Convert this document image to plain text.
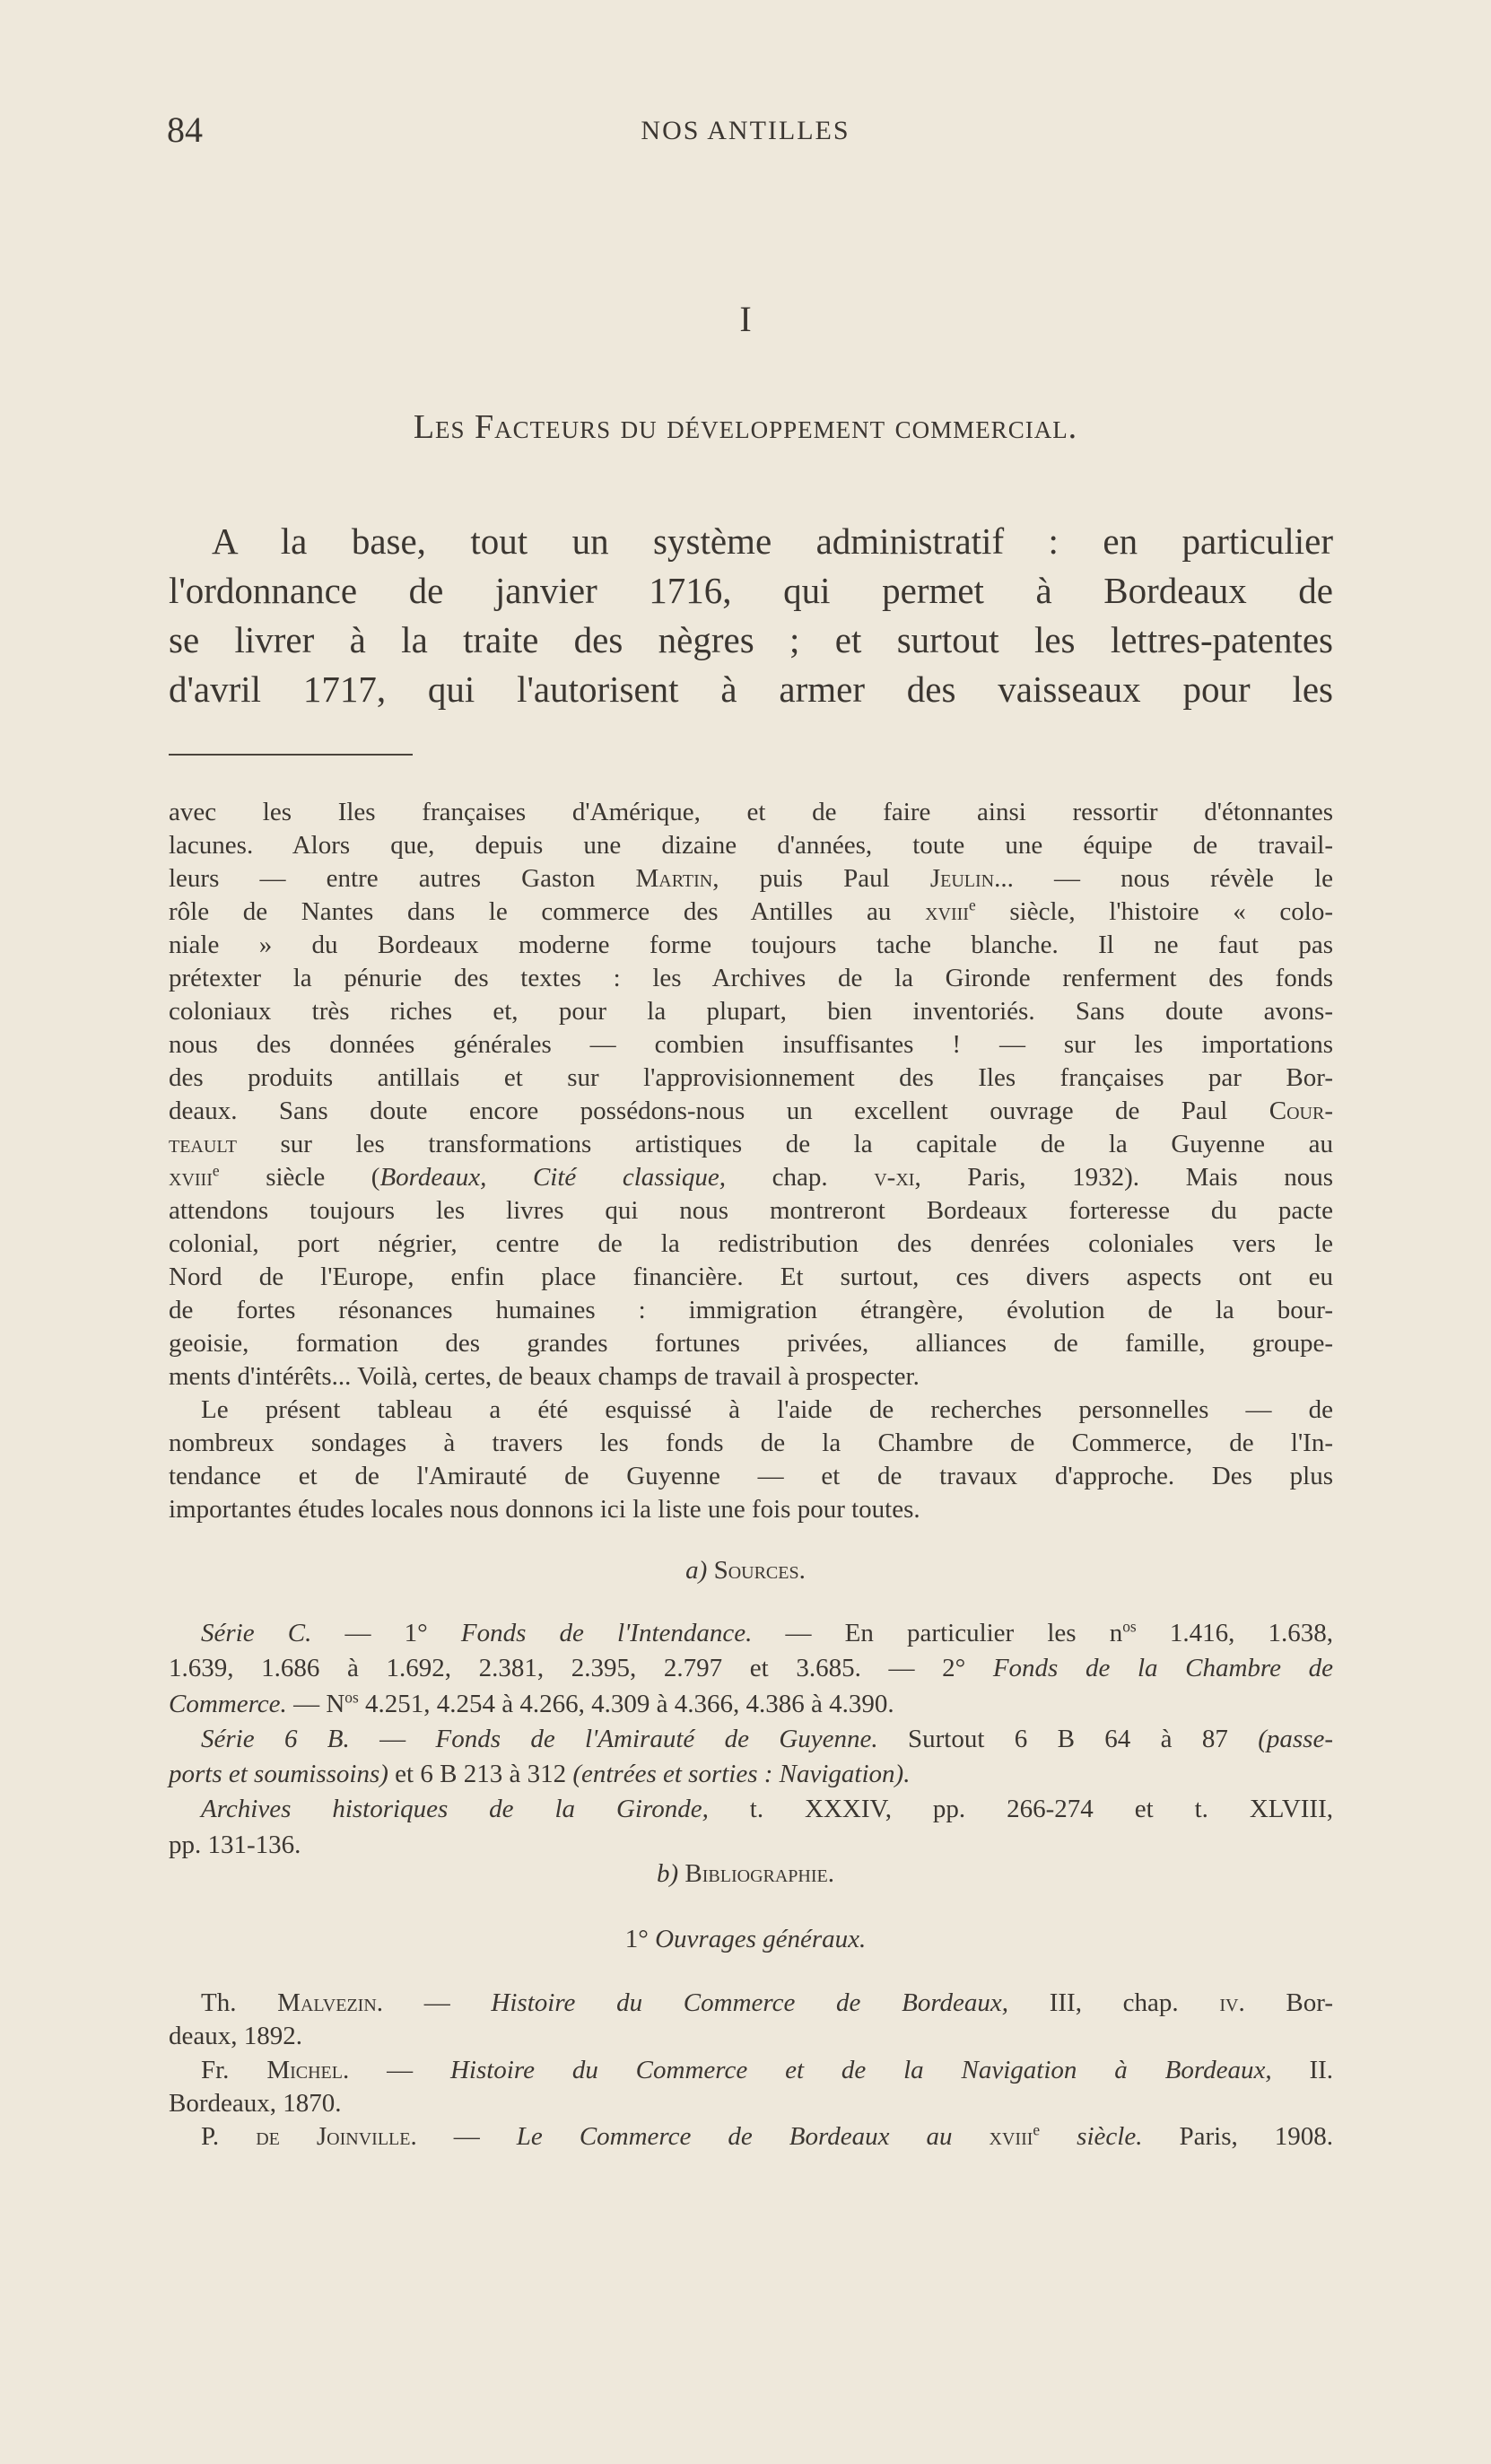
84	NOS ANTILLES
I
Les Facteurs du développement commercial.
A la base, tout un système administratif : en particulier
l'ordonnance de janvier 1716, qui permet à Bordeaux de
se livrer à la traite des nègres ; et surtout les lettres-patentes
d'avril 1717, qui l'autorisent à armer des vaisseaux pour les
avec les Iles françaises d'Amérique, et de faire ainsi ressortir d'étonnantes
lacunes. Alors que, depuis une dizaine d'années, toute une équipe de travail-
leurs — entre autres Gaston Martin, puis Paul Jeulin... — nous révèle le
rôle de Nantes dans le commerce des Antilles au xviii$^e$ siècle, l'histoire « colo-
niale » du Bordeaux moderne forme toujours tache blanche. Il ne faut pas
prétexter la pénurie des textes : les Archives de la Gironde renferment des fonds
coloniaux très riches et, pour la plupart, bien inventoriés. Sans doute avons-
nous des données générales — combien insuffisantes ! — sur les importations
des produits antillais et sur l'approvisionnement des Iles françaises par Bor-
deaux. Sans doute encore possédons-nous un excellent ouvrage de Paul Cour-
teault sur les transformations artistiques de la capitale de la Guyenne au
xviii$^e$ siècle (Bordeaux, Cité classique, chap. v-xi, Paris, 1932). Mais nous
attendons toujours les livres qui nous montreront Bordeaux forteresse du pacte
colonial, port négrier, centre de la redistribution des denrées coloniales vers le
Nord de l'Europe, enfin place financière. Et surtout, ces divers aspects ont eu
de fortes résonances humaines : immigration étrangère, évolution de la bour-
geoisie, formation des grandes fortunes privées, alliances de famille, groupe-
ments d'intérêts... Voilà, certes, de beaux champs de travail à prospecter.
Le présent tableau a été esquissé à l'aide de recherches personnelles — de
nombreux sondages à travers les fonds de la Chambre de Commerce, de l'In-
tendance et de l'Amirauté de Guyenne — et de travaux d'approche. Des plus
importantes études locales nous donnons ici la liste une fois pour toutes.
a) Sources.
Série C. — 1° Fonds de l'Intendance. — En particulier les $n^{os}$ 1.416, 1.638,
1.639, 1.686 à 1.692, 2.381, 2.395, 2.797 et 3.685. — 2° Fonds de la Chambre de
Commerce. — $N^{os}$ 4.251, 4.254 à 4.266, 4.309 à 4.366, 4.386 à 4.390.
Série 6 B. — Fonds de l'Amirauté de Guyenne. Surtout 6 B 64 à 87 (passe-
ports et soumissoins) et 6 B 213 à 312 (entrées et sorties : Navigation).
Archives historiques de la Gironde, t. XXXIV, pp. 266-274 et t. XLVIII,
pp. 131-136.
b) Bibliographie.
1° Ouvrages généraux.
Th. Malvezin. — Histoire du Commerce de Bordeaux, III, chap. iv. Bor-
deaux, 1892.
Fr. Michel. — Histoire du Commerce et de la Navigation à Bordeaux, II.
Bordeaux, 1870.
P. de Joinville. — Le Commerce de Bordeaux au xviii$^e$ siècle. Paris, 1908.
